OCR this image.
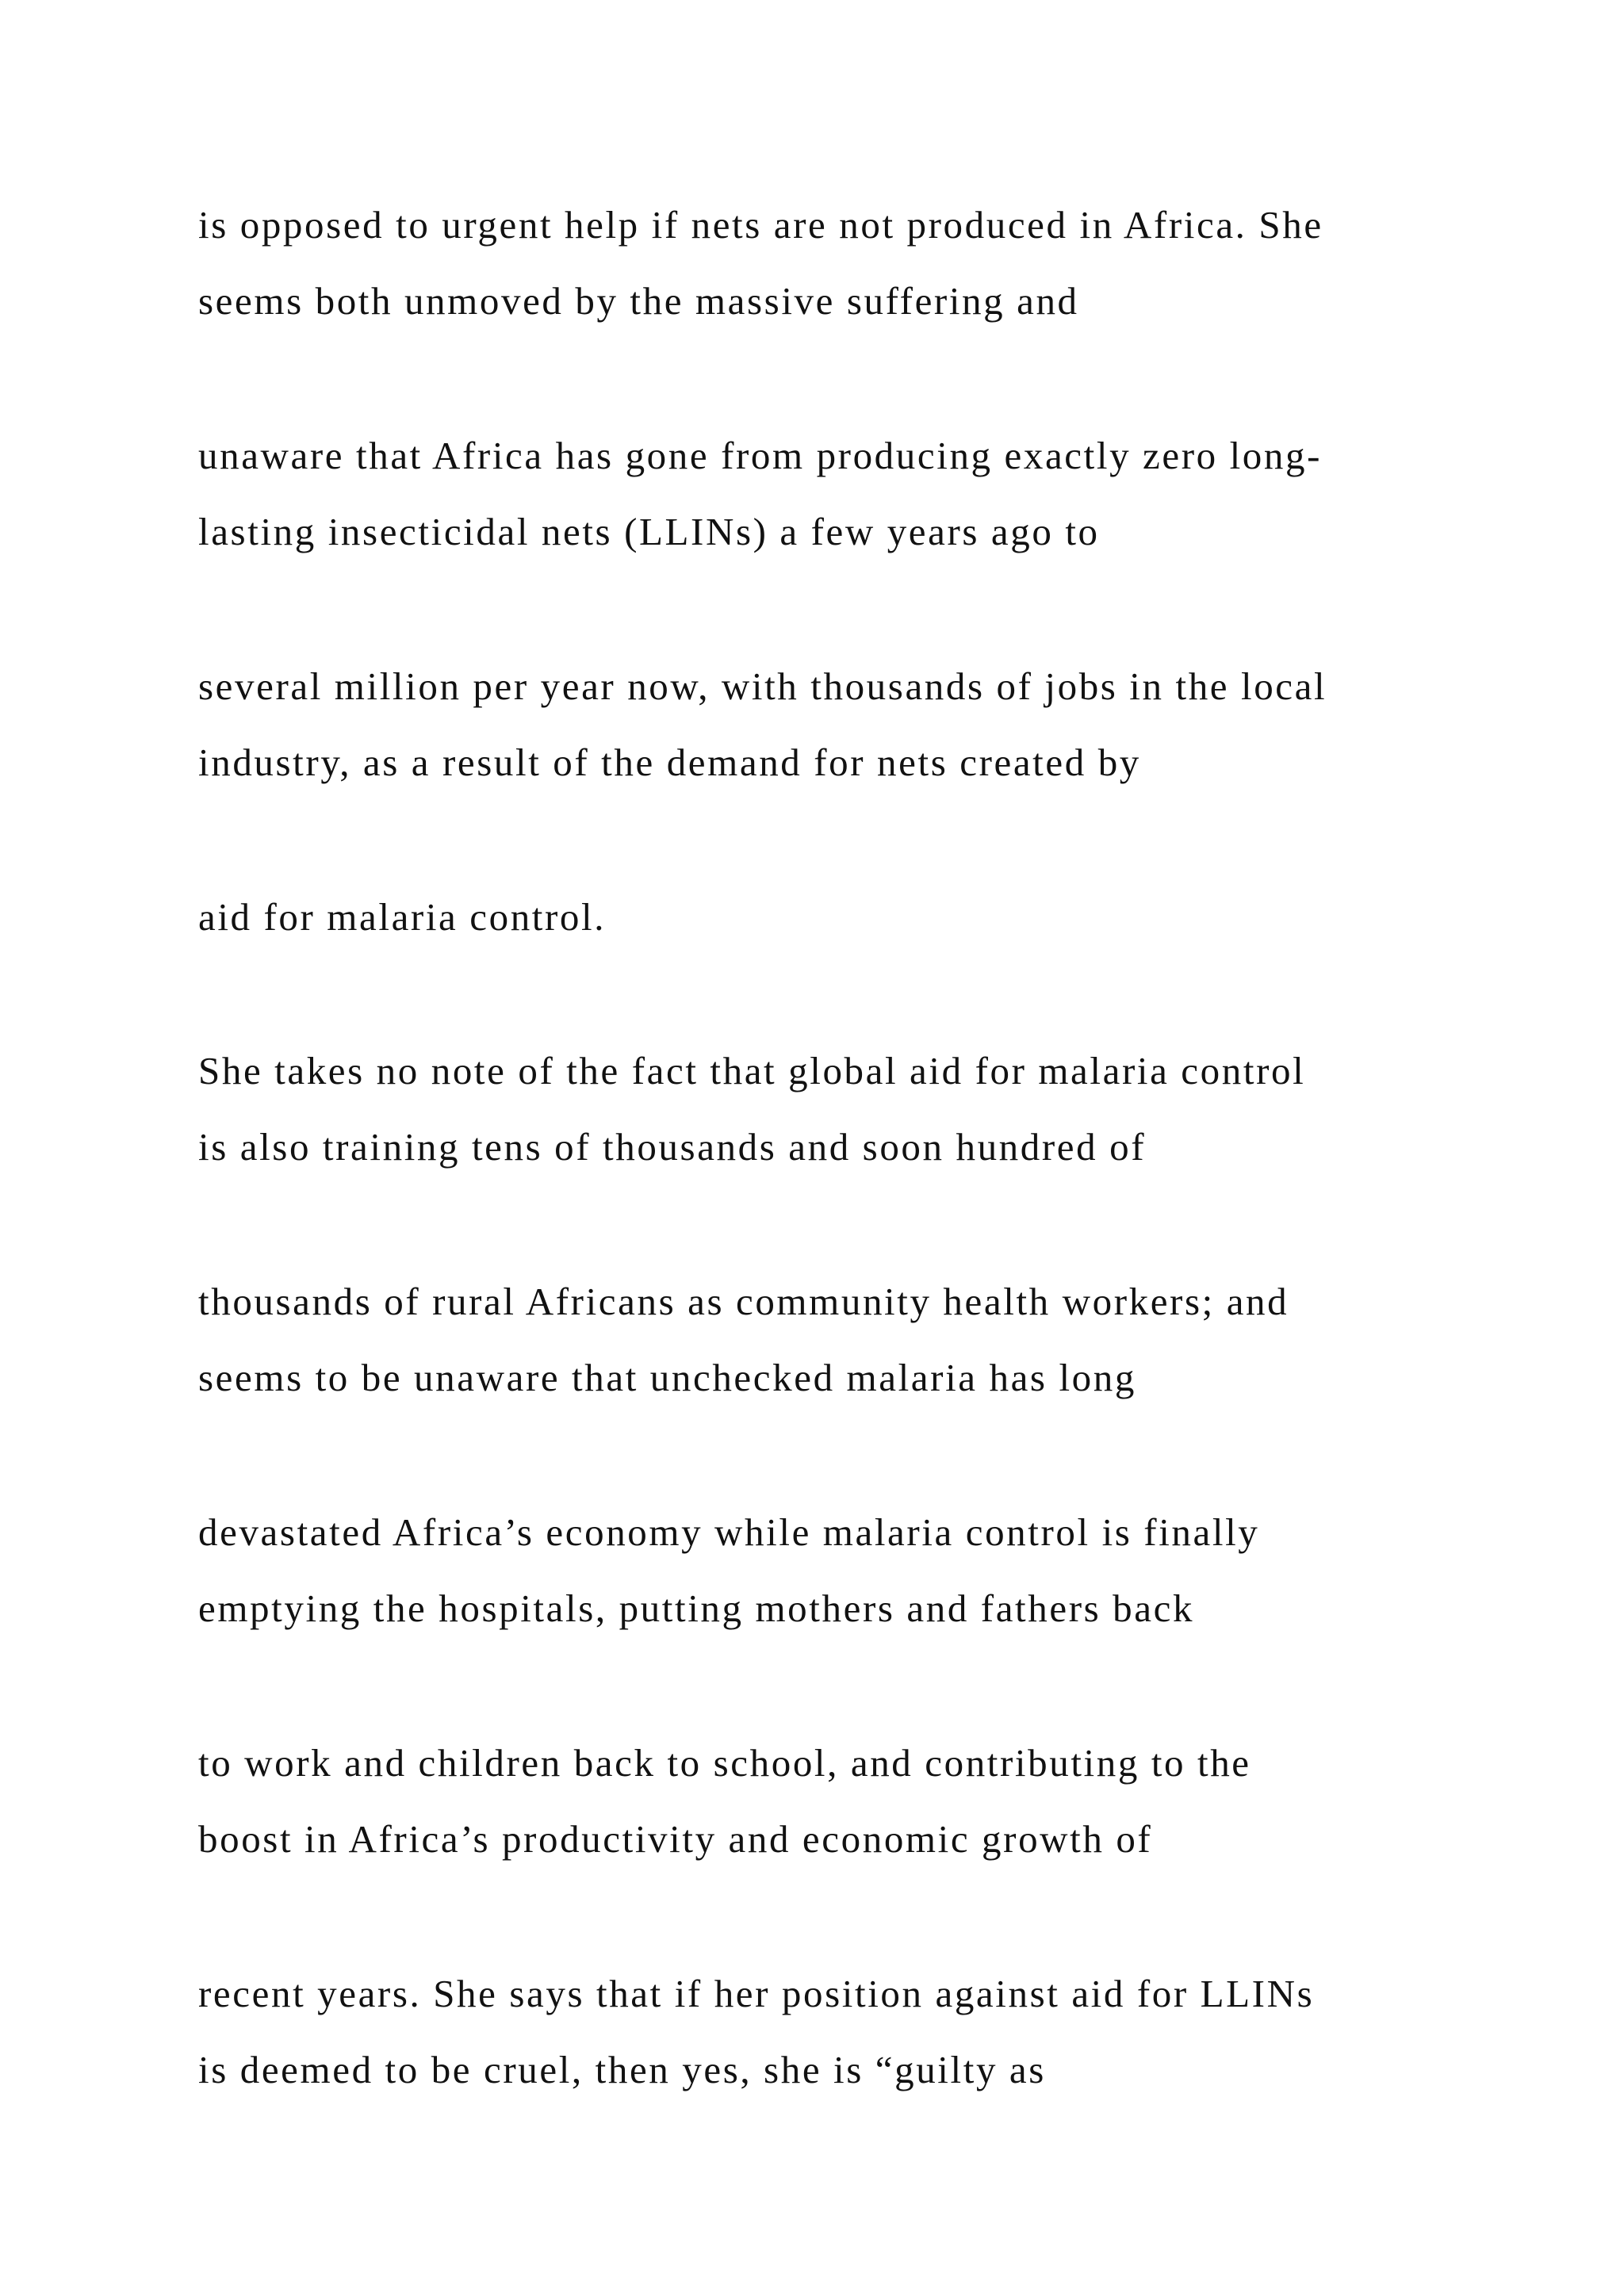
is opposed to urgent help if nets are not produced in Africa. She
seems both unmoved by the massive suffering and

unaware that Africa has gone from producing exactly zero long-
lasting insecticidal nets (LLINs) a few years ago to

several million per year now, with thousands of jobs in the local
industry, as a result of the demand for nets created by

aid for malaria control.

She takes no note of the fact that global aid for malaria control
is also training tens of thousands and soon hundred of

thousands of rural Africans as community health workers; and
seems to be unaware that unchecked malaria has long

devastated Africa’s economy while malaria control is finally
emptying the hospitals, putting mothers and fathers back

to work and children back to school, and contributing to the
boost in Africa’s productivity and economic growth of

recent years. She says that if her position against aid for LLINs
is deemed to be cruel, then yes, she is “guilty as
